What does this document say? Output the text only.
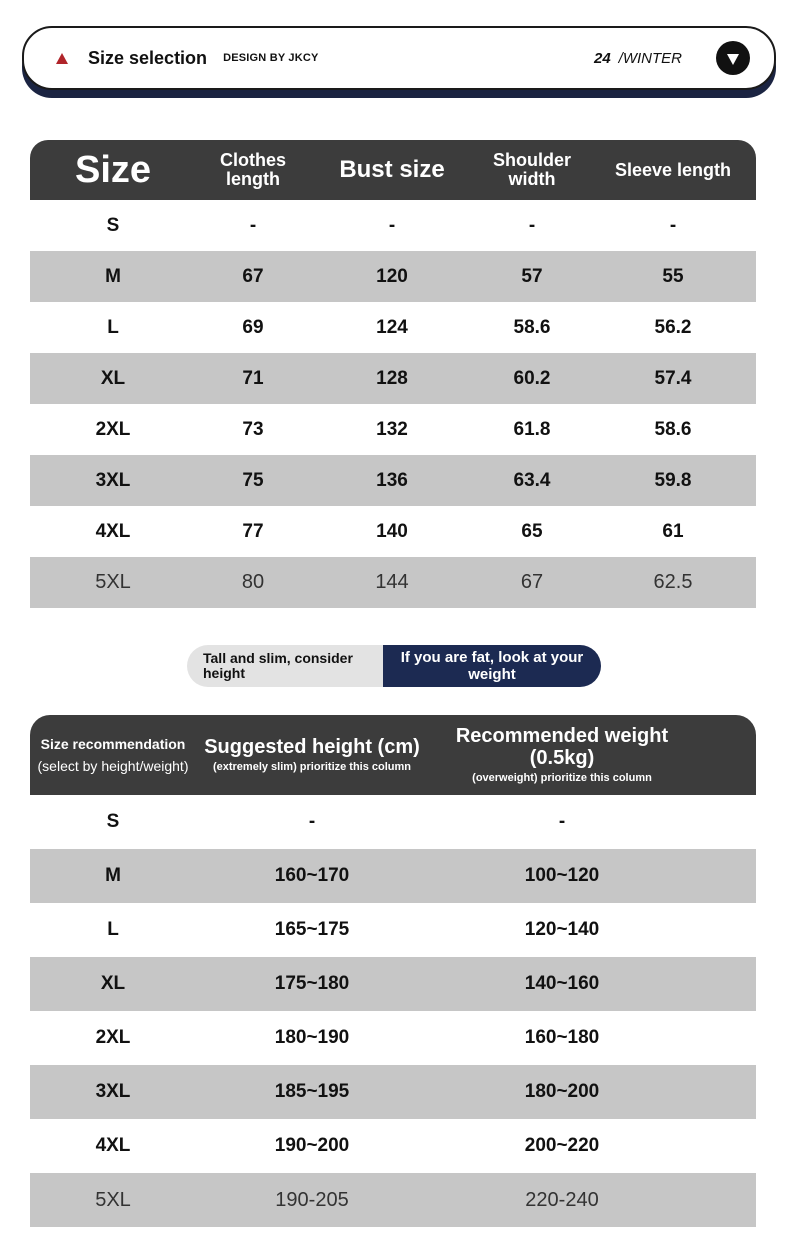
Size selection DESIGN BY JKCY	24 /WINTER
Size	Clothes length	Bust size	Shoulder width	Sleeve length
S	-	-	-	-
M	67	120	57	55
L	69	124	58.6	56.2
XL	71	128	60.2	57.4
2XL	73	132	61.8	58.6
3XL	75	136	63.4	59.8
4XL	77	140	65	61
5XL	80	144	67	62.5
Tall and slim, consider height
If you are fat, look at your weight
Size recommendation
(select by height/weight)
Suggested height (cm)
(extremely slim) prioritize this column
Recommended weight (0.5kg)
(overweight) prioritize this column
S	-	-
M	160~170	100~120
L	165~175	120~140
XL	175~180	140~160
2XL	180~190	160~180
3XL	185~195	180~200
4XL	190~200	200~220
5XL	190-205	220-240
